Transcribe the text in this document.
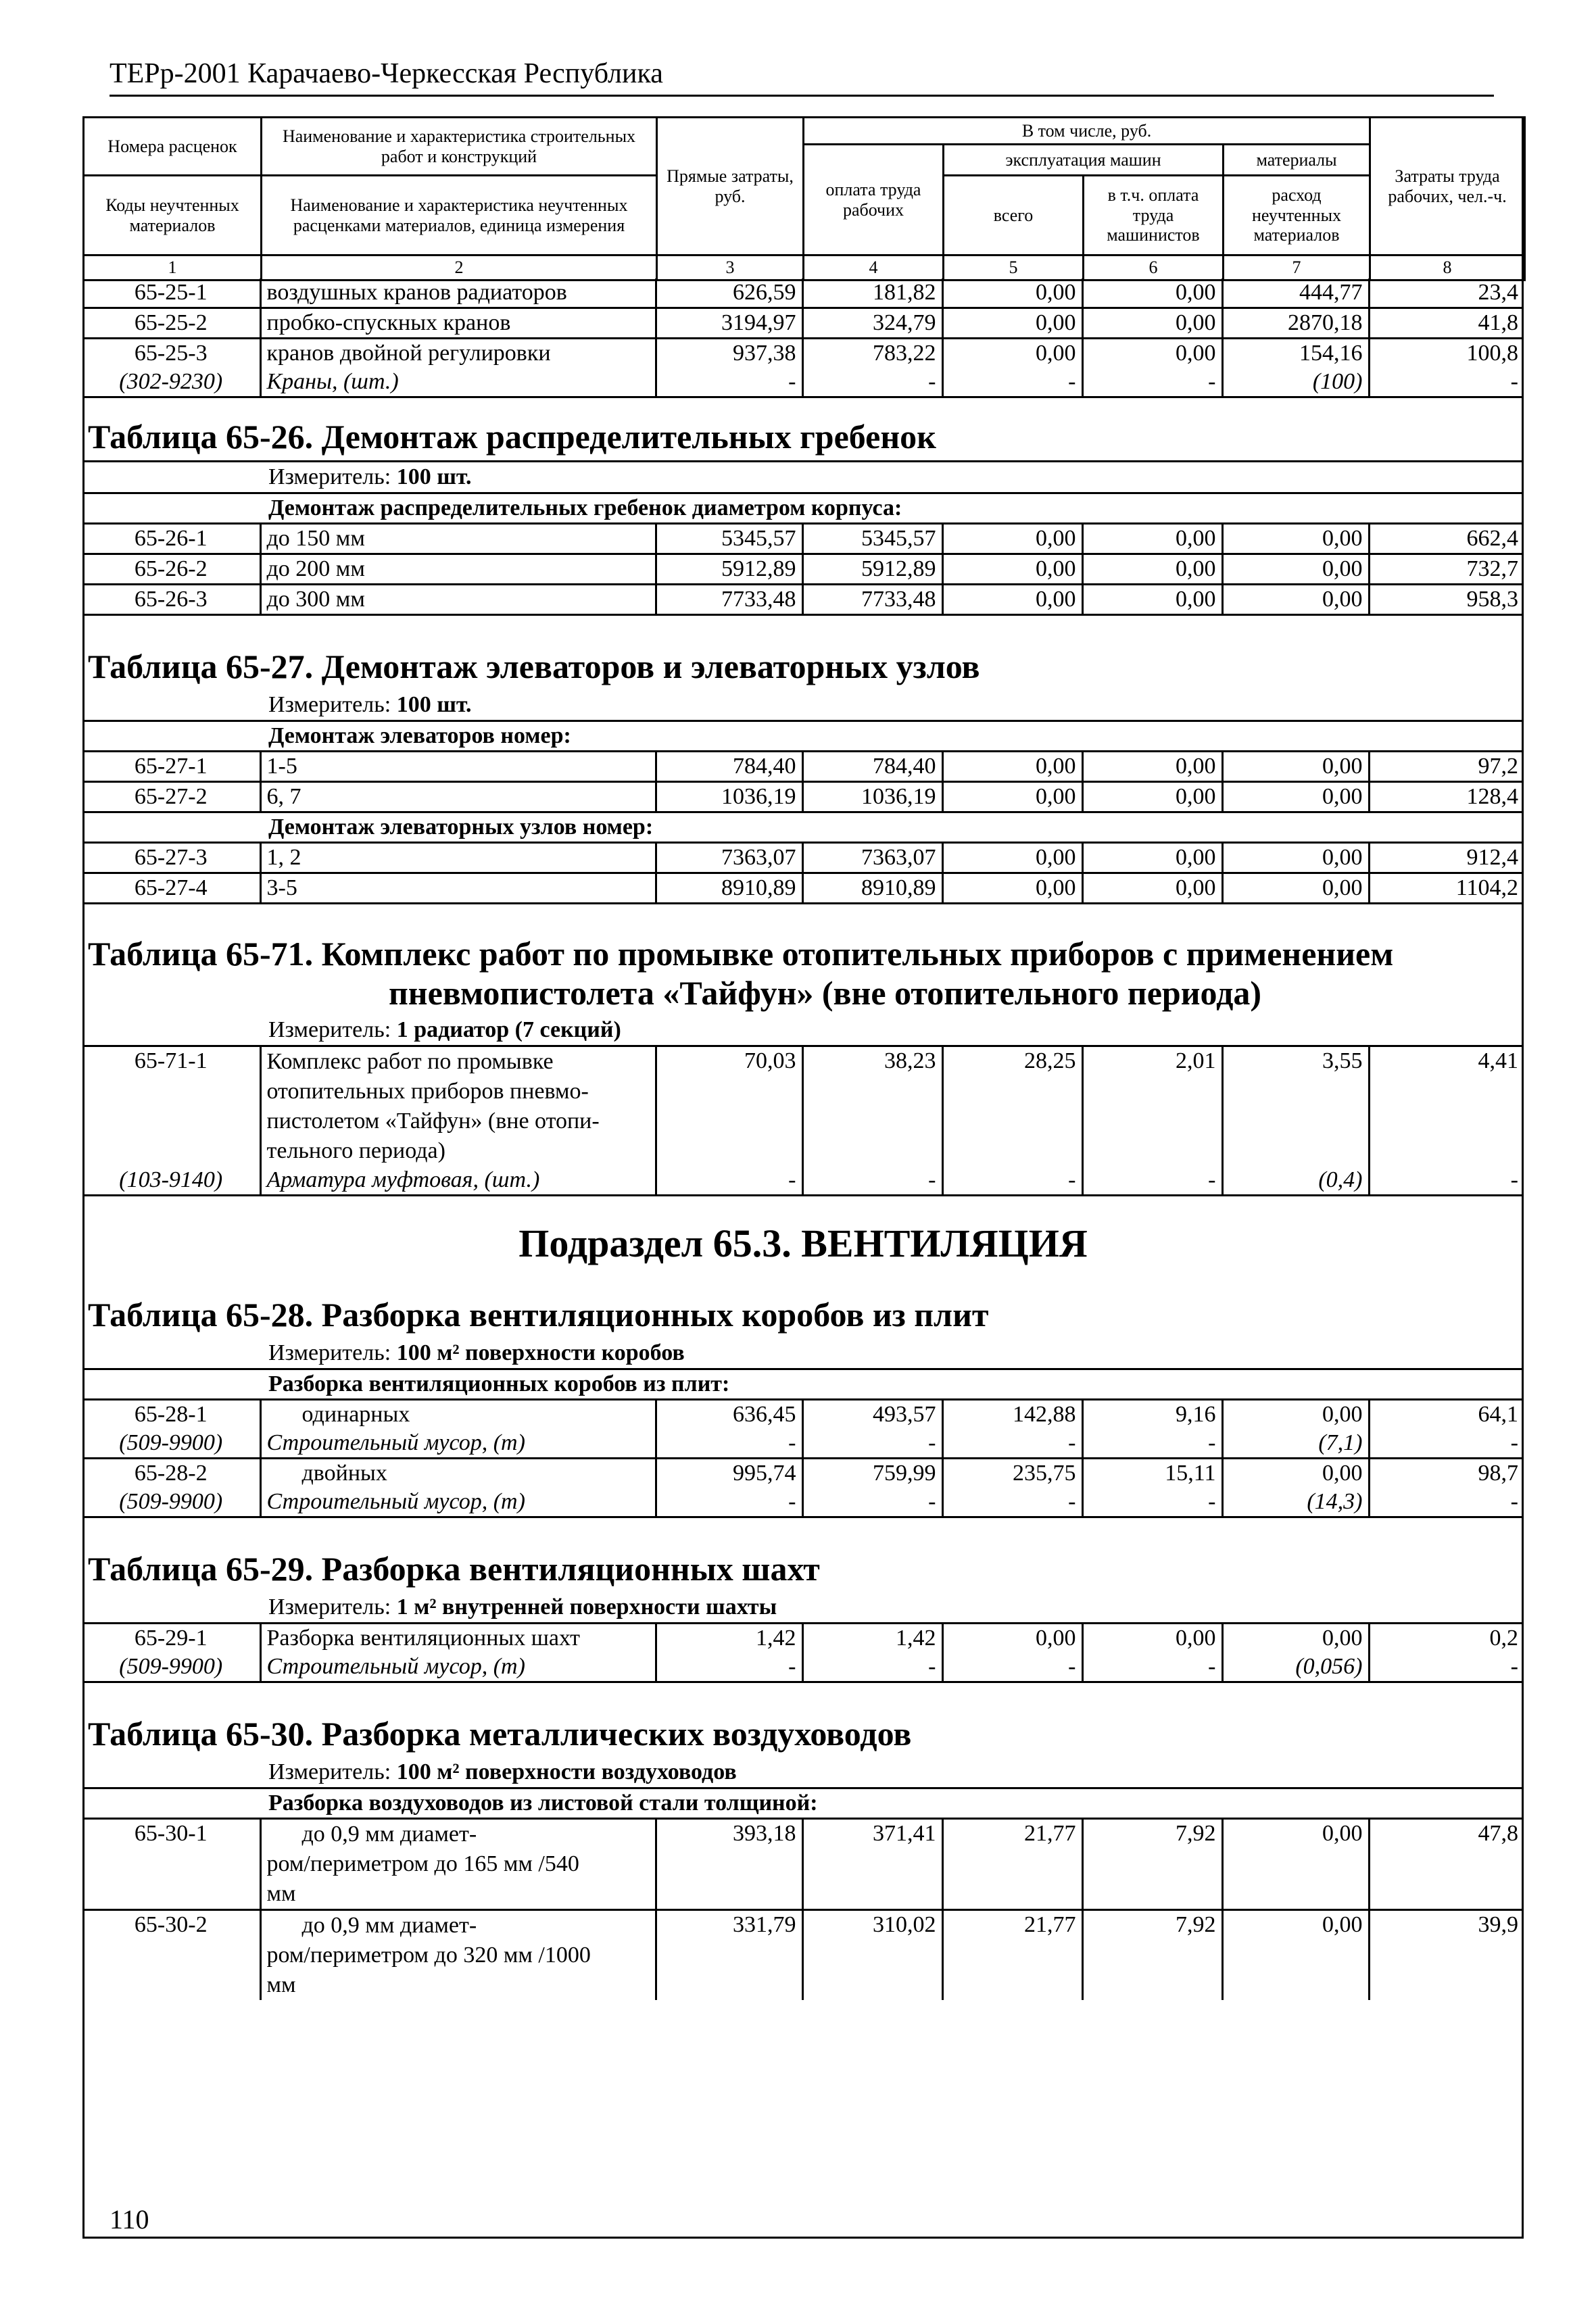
ТЕРр-2001 Карачаево-Черкесская Республика
Номера расценок	Наименование и характеристика строительных работ и конструкций	Прямые затраты, руб.	В том числе, руб.				Затраты труда рабочих, чел.-ч.
			оплата труда рабочих	эксплуатация машин		материалы	
Коды неучтенных материалов	Наименование и характеристика неучтенных расценками материалов, единица измерения			всего	в т.ч. оплата труда машинистов	расход неучтенных материалов	

1	2	3	4	5	6	7	8
65-25-1	воздушных кранов радиаторов	626,59	181,82	0,00	0,00	444,77	23,4
65-25-2	пробко-спускных кранов	3194,97	324,79	0,00	0,00	2870,18	41,8
65-25-3	кранов двойной регулировки	937,38	783,22	0,00	0,00	154,16	100,8
(302-9230)	Краны, (шт.)	-	-	-	-	(100)	-
Таблица 65-26. Демонтаж распределительных гребенок
Измеритель: 100 шт.
Демонтаж распределительных гребенок диаметром корпуса:
65-26-1	до 150 мм	5345,57	5345,57	0,00	0,00	0,00	662,4
65-26-2	до 200 мм	5912,89	5912,89	0,00	0,00	0,00	732,7
65-26-3	до 300 мм	7733,48	7733,48	0,00	0,00	0,00	958,3
Таблица 65-27. Демонтаж элеваторов и элеваторных узлов
Измеритель: 100 шт.
Демонтаж элеваторов номер:
65-27-1	1-5	784,40	784,40	0,00	0,00	0,00	97,2
65-27-2	6, 7	1036,19	1036,19	0,00	0,00	0,00	128,4
Демонтаж элеваторных узлов номер:
65-27-3	1, 2	7363,07	7363,07	0,00	0,00	0,00	912,4
65-27-4	3-5	8910,89	8910,89	0,00	0,00	0,00	1104,2
Таблица 65-71. Комплекс работ по промывке отопительных приборов с применением
пневмопистолета «Тайфун» (вне отопительного периода)
Измеритель: 1 радиатор (7 секций)
65-71-1	Комплекс работ по промывке
отопительных приборов пневмо-
пистолетом «Тайфун» (вне отопи-
тельного периода)	70,03	38,23	28,25	2,01	3,55	4,41
(103-9140)	Арматура муфтовая, (шт.)	-	-	-	-	(0,4)	-
Подраздел 65.3. ВЕНТИЛЯЦИЯ
Таблица 65-28. Разборка вентиляционных коробов из плит
Измеритель: 100 м² поверхности коробов
Разборка вентиляционных коробов из плит:
65-28-1	одинарных	636,45	493,57	142,88	9,16	0,00	64,1
(509-9900)	Строительный мусор, (т)	-	-	-	-	(7,1)	-
65-28-2	двойных	995,74	759,99	235,75	15,11	0,00	98,7
(509-9900)	Строительный мусор, (т)	-	-	-	-	(14,3)	-
Таблица 65-29. Разборка вентиляционных шахт
Измеритель: 1 м² внутренней поверхности шахты
65-29-1	Разборка вентиляционных шахт	1,42	1,42	0,00	0,00	0,00	0,2
(509-9900)	Строительный мусор, (т)	-	-	-	-	(0,056)	-
Таблица 65-30. Разборка металлических воздуховодов
Измеритель: 100 м² поверхности воздуховодов
Разборка воздуховодов из листовой стали толщиной:
65-30-1	до 0,9 мм диамет-
ром/периметром до 165 мм /540
мм	393,18	371,41	21,77	7,92	0,00	47,8
65-30-2	до 0,9 мм диамет-
ром/периметром до 320 мм /1000
мм	331,79	310,02	21,77	7,92	0,00	39,9
110
